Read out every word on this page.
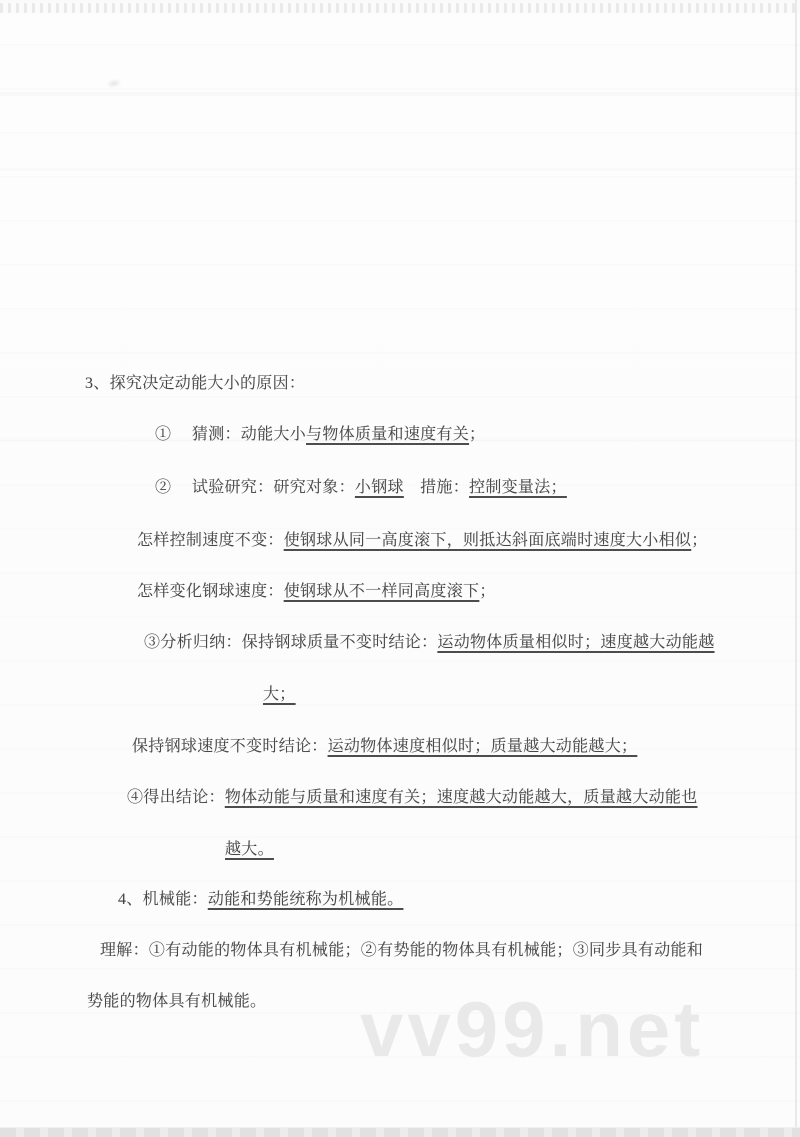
vv99.net
3、探究决定动能大小的原因：
①　 猜测：动能大小与物体质量和速度有关；
②　 试验研究：研究对象：小钢球　措施：控制变量法；
怎样控制速度不变：使钢球从同一高度滚下，则抵达斜面底端时速度大小相似；
怎样变化钢球速度：使钢球从不一样同高度滚下；
③分析归纳：保持钢球质量不变时结论：运动物体质量相似时；速度越大动能越
大；
保持钢球速度不变时结论：运动物体速度相似时；质量越大动能越大；
④得出结论：物体动能与质量和速度有关；速度越大动能越大，质量越大动能也
越大。
4、机械能：动能和势能统称为机械能。
理解：①有动能的物体具有机械能；②有势能的物体具有机械能；③同步具有动能和
势能的物体具有机械能。
